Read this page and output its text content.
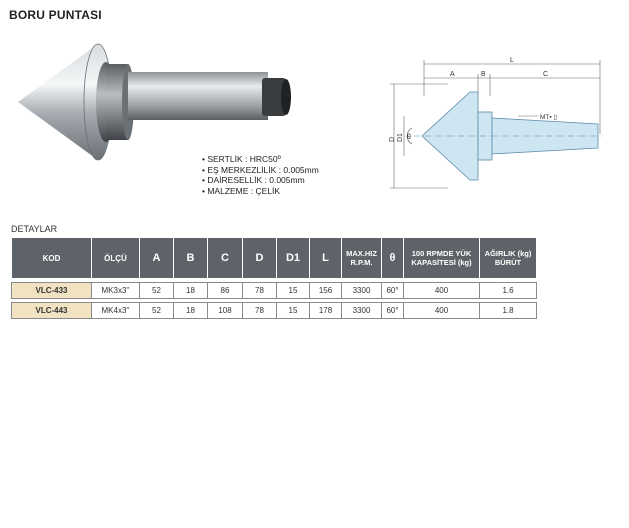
BORU PUNTASI
• SERTLİK : HRC50º
• EŞ MERKEZLİLİK : 0.005mm
• DAİRESELLİK : 0.005mm
• MALZEME : ÇELİK
A	B	C
L
D D1 θ
MT▪ ▯
DETAYLAR
KOD	ÖLÇÜ	A	B	C	D	D1	L	MAX.HIZ R.P.M.	θ	100 RPMDE YÜK KAPASİTESİ (kg)	AĞIRLIK (kg) BÜRÜT

VLC-433	MK3x3''	52	18	86	78	15	156	3300	60°	400	1.6

VLC-443	MK4x3''	52	18	108	78	15	178	3300	60°	400	1.8
